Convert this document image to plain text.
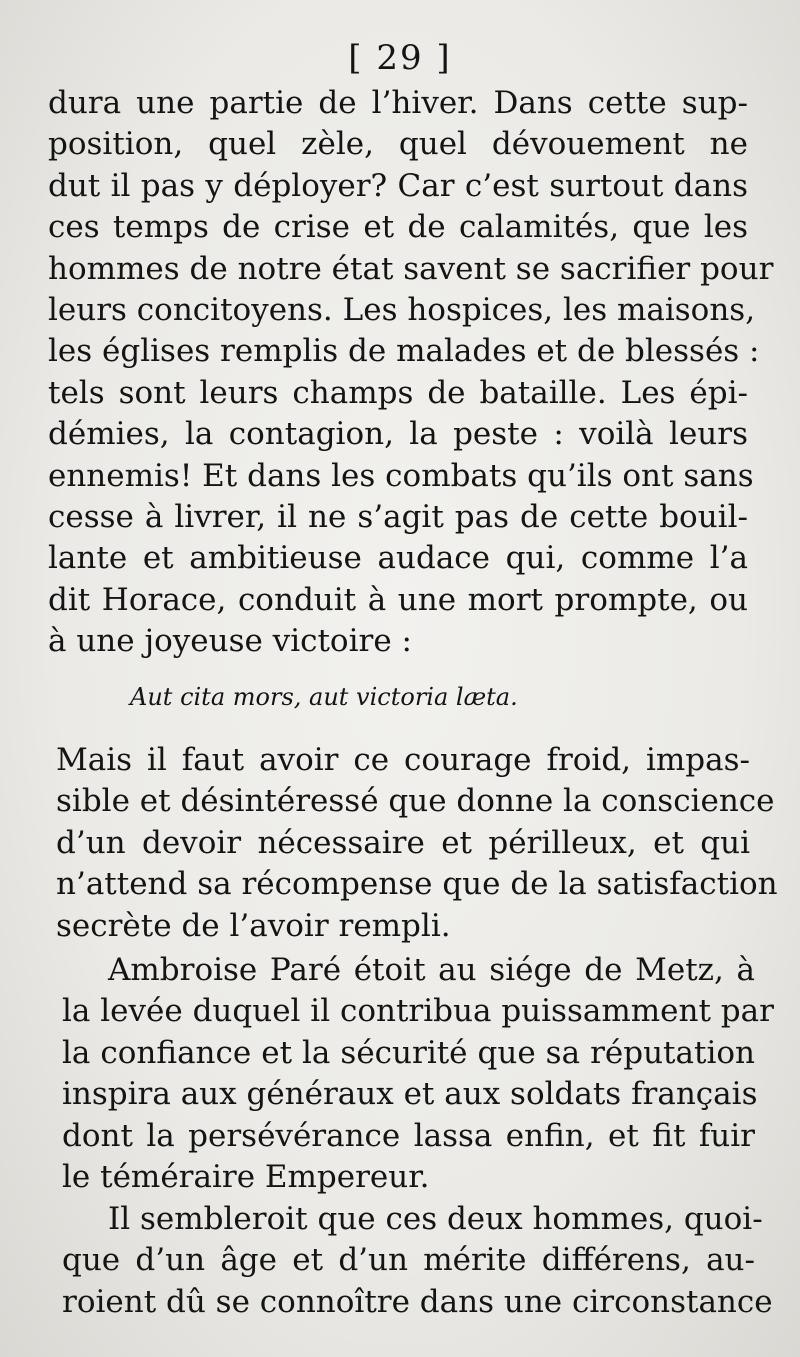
[ 29 ]
dura une partie de l’hiver. Dans cette sup-
position, quel zèle, quel dévouement ne
dut il pas y déployer? Car c’est surtout dans
ces temps de crise et de calamités, que les
hommes de notre état savent se sacrifier pour
leurs concitoyens. Les hospices, les maisons,
les églises remplis de malades et de blessés :
tels sont leurs champs de bataille. Les épi-
démies, la contagion, la peste : voilà leurs
ennemis! Et dans les combats qu’ils ont sans
cesse à livrer, il ne s’agit pas de cette bouil-
lante et ambitieuse audace qui, comme l’a
dit Horace, conduit à une mort prompte, ou
à une joyeuse victoire :
Aut cita mors, aut victoria læta.
Mais il faut avoir ce courage froid, impas-
sible et désintéressé que donne la conscience
d’un devoir nécessaire et périlleux, et qui
n’attend sa récompense que de la satisfaction
secrète de l’avoir rempli.
Ambroise Paré étoit au siége de Metz, à
la levée duquel il contribua puissamment par
la confiance et la sécurité que sa réputation
inspira aux généraux et aux soldats français
dont la persévérance lassa enfin, et fit fuir
le téméraire Empereur.
Il sembleroit que ces deux hommes, quoi-
que d’un âge et d’un mérite différens, au-
roient dû se connoître dans une circonstance
